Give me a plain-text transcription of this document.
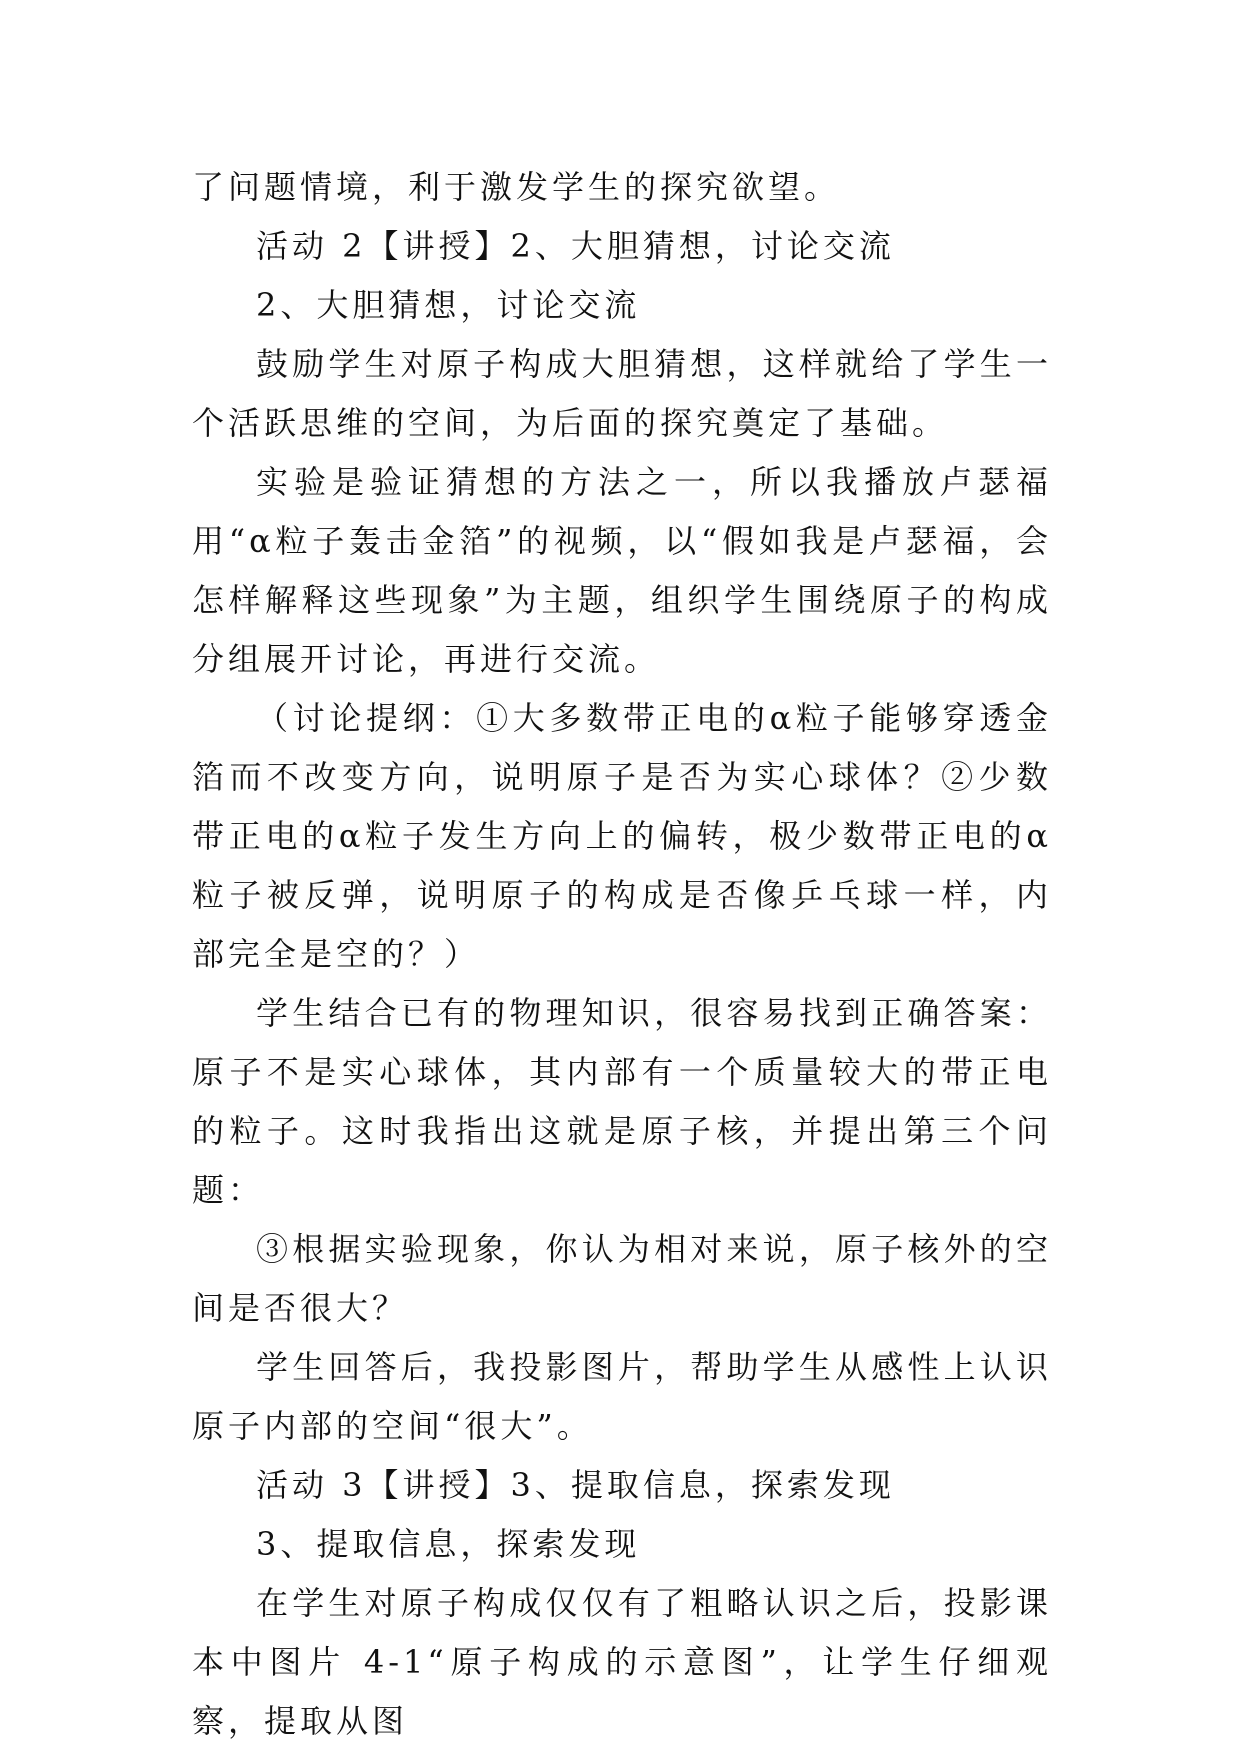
了问题情境，利于激发学生的探究欲望。

活动 2【讲授】2、大胆猜想，讨论交流

2、大胆猜想，讨论交流

鼓励学生对原子构成大胆猜想，这样就给了学生一个活跃思维的空间，为后面的探究奠定了基础。

实验是验证猜想的方法之一，所以我播放卢瑟福用“α粒子轰击金箔”的视频，以“假如我是卢瑟福，会怎样解释这些现象”为主题，组织学生围绕原子的构成分组展开讨论，再进行交流。

（讨论提纲：①大多数带正电的α粒子能够穿透金箔而不改变方向，说明原子是否为实心球体？②少数带正电的α粒子发生方向上的偏转，极少数带正电的α粒子被反弹，说明原子的构成是否像乒乓球一样，内部完全是空的？）

学生结合已有的物理知识，很容易找到正确答案：原子不是实心球体，其内部有一个质量较大的带正电的粒子。这时我指出这就是原子核，并提出第三个问题：

③根据实验现象，你认为相对来说，原子核外的空间是否很大？

学生回答后，我投影图片，帮助学生从感性上认识原子内部的空间“很大”。

活动 3【讲授】3、提取信息，探索发现

3、提取信息，探索发现

在学生对原子构成仅仅有了粗略认识之后，投影课本中图片 4-1“原子构成的示意图”，让学生仔细观察，提取从图
